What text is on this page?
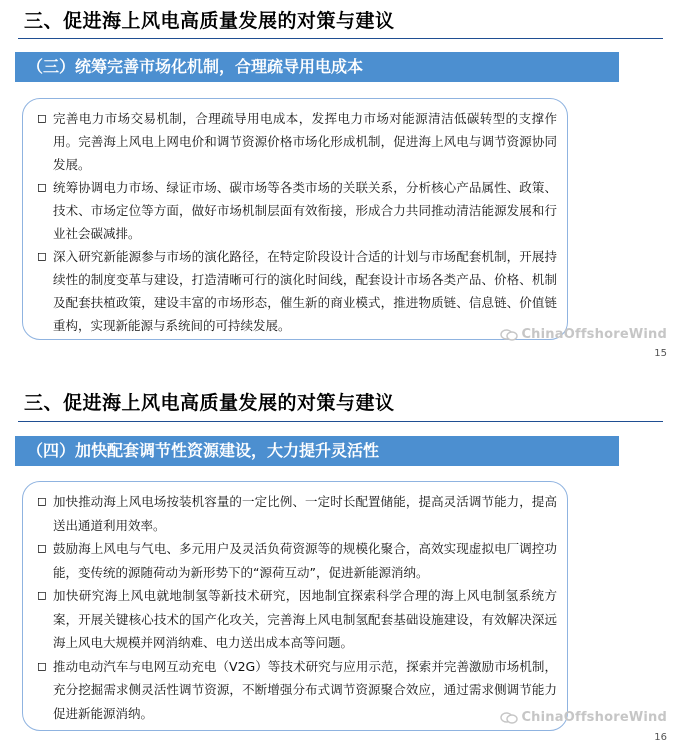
三、促进海上风电高质量发展的对策与建议
（三）统筹完善市场化机制，合理疏导用电成本

◻ 完善电力市场交易机制，合理疏导用电成本，发挥电力市场对能源清洁低碳转型的支撑作用。完善海上风电上网电价和调节资源价格市场化形成机制，促进海上风电与调节资源协同发展。

◻ 统筹协调电力市场、绿证市场、碳市场等各类市场的关联关系，分析核心产品属性、政策、技术、市场定位等方面，做好市场机制层面有效衔接，形成合力共同推动清洁能源发展和行业社会碳减排。

◻ 深入研究新能源参与市场的演化路径，在特定阶段设计合适的计划与市场配套机制，开展持续性的制度变革与建设，打造清晰可行的演化时间线，配套设计市场各类产品、价格、机制及配套扶植政策，建设丰富的市场形态，催生新的商业模式，推进物质链、信息链、价值链重构，实现新能源与系统间的可持续发展。

ChinaOffshoreWind
15
三、促进海上风电高质量发展的对策与建议
（四）加快配套调节性资源建设，大力提升灵活性

◻ 加快推动海上风电场按装机容量的一定比例、一定时长配置储能，提高灵活调节能力，提高送出通道利用效率。

◻ 鼓励海上风电与气电、多元用户及灵活负荷资源等的规模化聚合，高效实现虚拟电厂调控功能，变传统的源随荷动为新形势下的“源荷互动”，促进新能源消纳。

◻ 加快研究海上风电就地制氢等新技术研究，因地制宜探索科学合理的海上风电制氢系统方案，开展关键核心技术的国产化攻关，完善海上风电制氢配套基础设施建设，有效解决深远海上风电大规模并网消纳难、电力送出成本高等问题。

◻ 推动电动汽车与电网互动充电（V2G）等技术研究与应用示范，探索并完善激励市场机制，充分挖掘需求侧灵活性调节资源，不断增强分布式调节资源聚合效应，通过需求侧调节能力促进新能源消纳。	ChinaOffshoreWind
16
